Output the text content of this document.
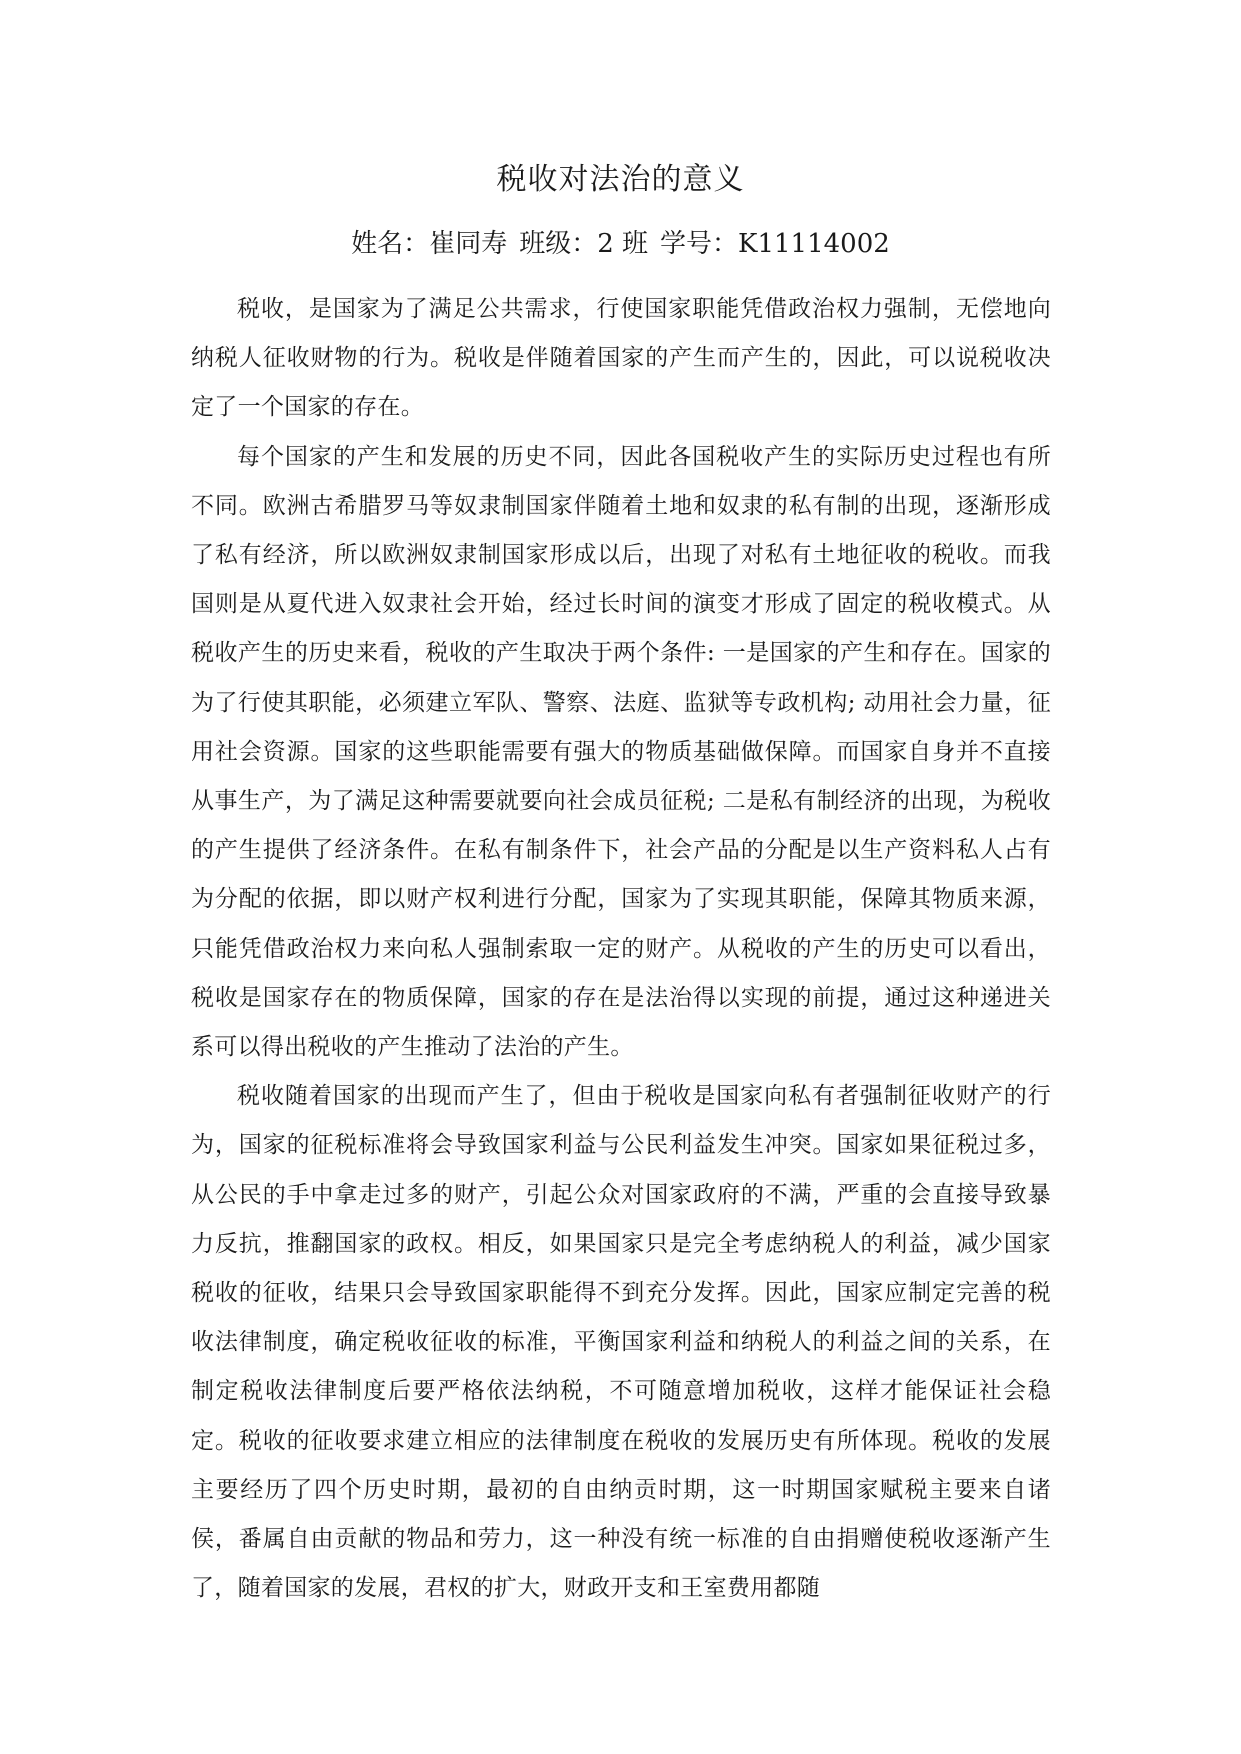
税收对法治的意义
姓名：崔同寿 班级：2 班 学号：K11114002

税收，是国家为了满足公共需求，行使国家职能凭借政治权力强制，无偿地向纳税人征收财物的行为。税收是伴随着国家的产生而产生的，因此，可以说税收决定了一个国家的存在。

每个国家的产生和发展的历史不同，因此各国税收产生的实际历史过程也有所不同。欧洲古希腊罗马等奴隶制国家伴随着土地和奴隶的私有制的出现，逐渐形成了私有经济，所以欧洲奴隶制国家形成以后，出现了对私有土地征收的税收。而我国则是从夏代进入奴隶社会开始，经过长时间的演变才形成了固定的税收模式。从税收产生的历史来看，税收的产生取决于两个条件: 一是国家的产生和存在。国家的为了行使其职能，必须建立军队、警察、法庭、监狱等专政机构; 动用社会力量，征用社会资源。国家的这些职能需要有强大的物质基础做保障。而国家自身并不直接从事生产，为了满足这种需要就要向社会成员征税; 二是私有制经济的出现，为税收的产生提供了经济条件。在私有制条件下，社会产品的分配是以生产资料私人占有为分配的依据，即以财产权利进行分配，国家为了实现其职能，保障其物质来源，只能凭借政治权力来向私人强制索取一定的财产。从税收的产生的历史可以看出，税收是国家存在的物质保障，国家的存在是法治得以实现的前提，通过这种递进关系可以得出税收的产生推动了法治的产生。

税收随着国家的出现而产生了，但由于税收是国家向私有者强制征收财产的行为，国家的征税标准将会导致国家利益与公民利益发生冲突。国家如果征税过多，从公民的手中拿走过多的财产，引起公众对国家政府的不满，严重的会直接导致暴力反抗，推翻国家的政权。相反，如果国家只是完全考虑纳税人的利益，减少国家税收的征收，结果只会导致国家职能得不到充分发挥。因此，国家应制定完善的税收法律制度，确定税收征收的标准，平衡国家利益和纳税人的利益之间的关系，在制定税收法律制度后要严格依法纳税，不可随意增加税收，这样才能保证社会稳定。税收的征收要求建立相应的法律制度在税收的发展历史有所体现。税收的发展主要经历了四个历史时期，最初的自由纳贡时期，这一时期国家赋税主要来自诸侯，番属自由贡献的物品和劳力，这一种没有统一标准的自由捐赠使税收逐渐产生了，随着国家的发展，君权的扩大，财政开支和王室费用都随
